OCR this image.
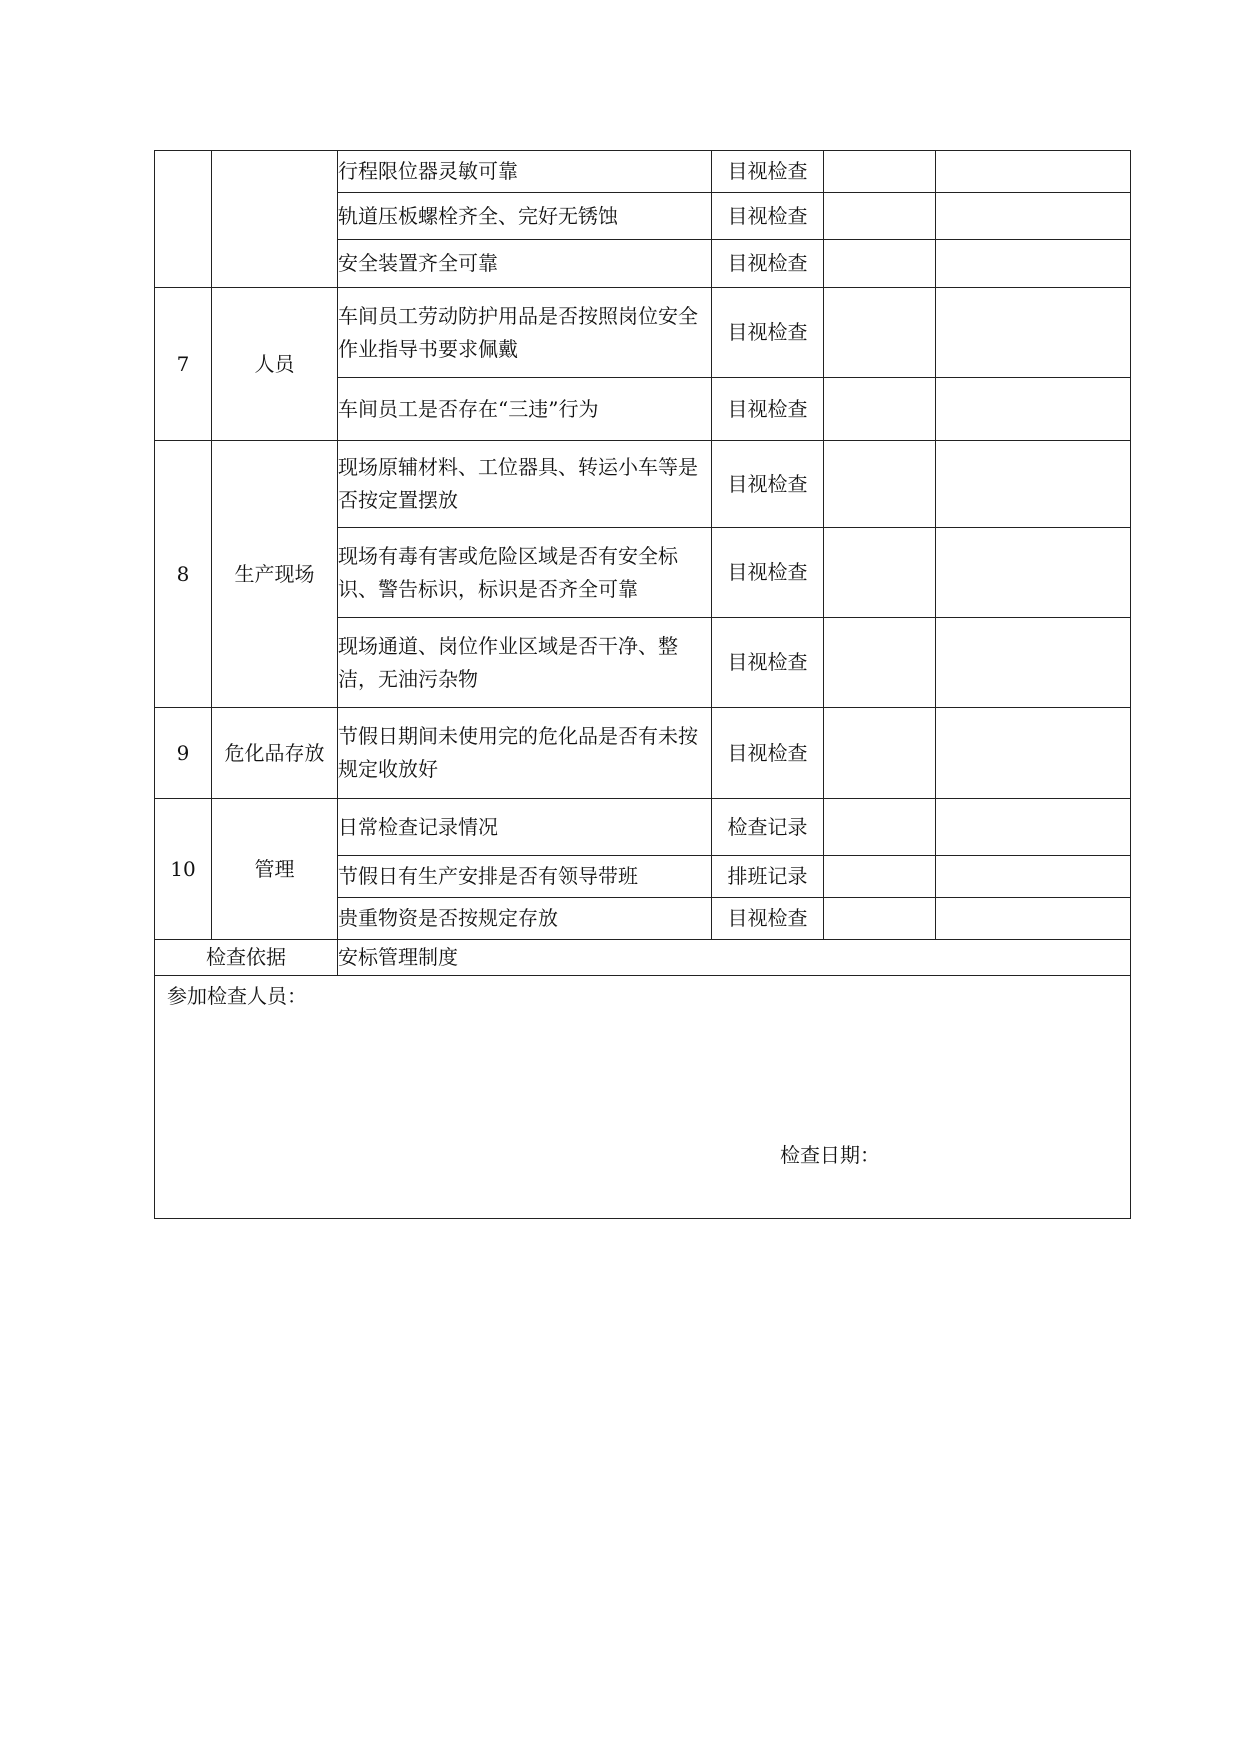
		行程限位器灵敏可靠	目视检查		
		轨道压板螺栓齐全、完好无锈蚀	目视检查		
		安全装置齐全可靠	目视检查		
7	人员	车间员工劳动防护用品是否按照岗位安全作业指导书要求佩戴	目视检查		
		车间员工是否存在“三违”行为	目视检查		
8	生产现场	现场原辅材料、工位器具、转运小车等是否按定置摆放	目视检查		
		现场有毒有害或危险区域是否有安全标识、警告标识，标识是否齐全可靠	目视检查		
		现场通道、岗位作业区域是否干净、整洁，无油污杂物	目视检查		
9	危化品存放	节假日期间未使用完的危化品是否有未按规定收放好	目视检查		
10	管理	日常检查记录情况	检查记录		
		节假日有生产安排是否有领导带班	排班记录		
		贵重物资是否按规定存放	目视检查		
检查依据		安标管理制度			

参加检查人员：
检查日期：					
